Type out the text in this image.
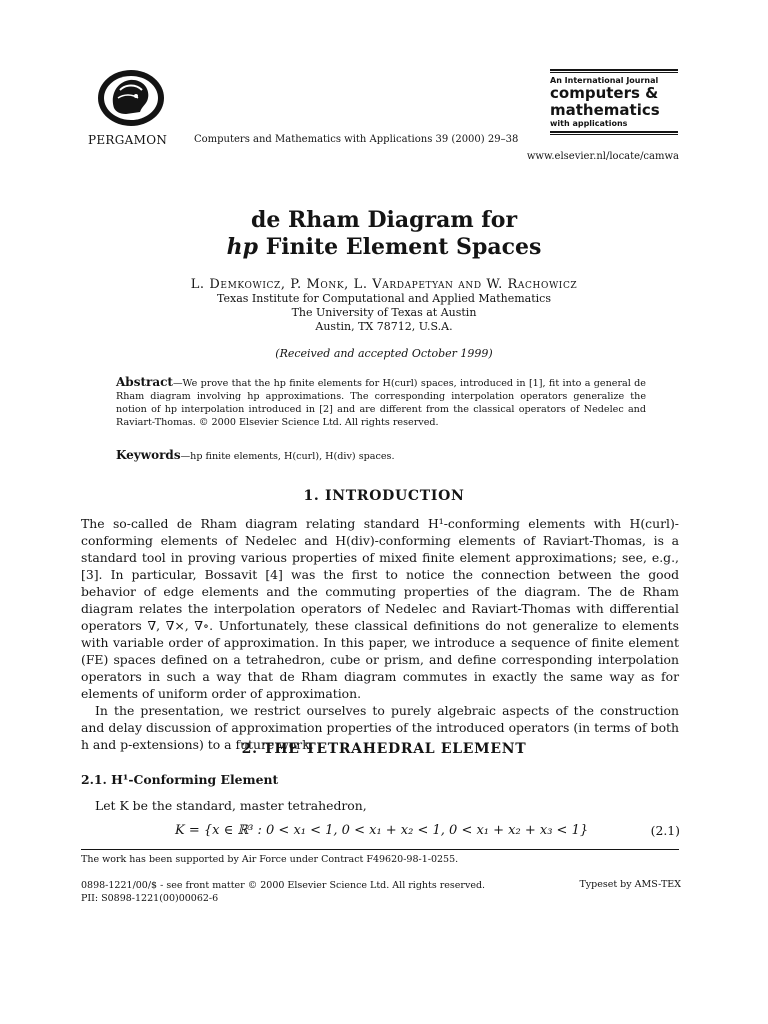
PERGAMON	Computers and Mathematics with Applications 39 (2000) 29–38
www.elsevier.nl/locate/camwa
An International Journal
computers &
mathematics
with applications
de Rham Diagram for
hp Finite Element Spaces
L. Demkowicz, P. Monk, L. Vardapetyan and W. Rachowicz
Texas Institute for Computational and Applied Mathematics
The University of Texas at Austin
Austin, TX 78712, U.S.A.
(Received and accepted October 1999)
Abstract—We prove that the hp finite elements for H(curl) spaces, introduced in [1], fit into a general de Rham diagram involving hp approximations. The corresponding interpolation operators generalize the notion of hp interpolation introduced in [2] and are different from the classical operators of Nedelec and Raviart-Thomas. © 2000 Elsevier Science Ltd. All rights reserved.
Keywords—hp finite elements, H(curl), H(div) spaces.
1. INTRODUCTION

The so-called de Rham diagram relating standard H¹-conforming elements with H(curl)-conforming elements of Nedelec and H(div)-conforming elements of Raviart-Thomas, is a standard tool in proving various properties of mixed finite element approximations; see, e.g., [3]. In particular, Bossavit [4] was the first to notice the connection between the good behavior of edge elements and the commuting properties of the diagram. The de Rham diagram relates the interpolation operators of Nedelec and Raviart-Thomas with differential operators ∇, ∇×, ∇∘. Unfortunately, these classical definitions do not generalize to elements with variable order of approximation. In this paper, we introduce a sequence of finite element (FE) spaces defined on a tetrahedron, cube or prism, and define corresponding interpolation operators in such a way that de Rham diagram commutes in exactly the same way as for elements of uniform order of approximation.

In the presentation, we restrict ourselves to purely algebraic aspects of the construction and delay discussion of approximation properties of the introduced operators (in terms of both h and p-extensions) to a future work.

2. THE TETRAHEDRAL ELEMENT
2.1. H¹-Conforming Element
Let K be the standard, master tetrahedron,
K = {x ∈ ℝ³ : 0 < x₁ < 1, 0 < x₁ + x₂ < 1, 0 < x₁ + x₂ + x₃ < 1}	(2.1)
The work has been supported by Air Force under Contract F49620-98-1-0255.
0898-1221/00/$ - see front matter © 2000 Elsevier Science Ltd. All rights reserved.
PII: S0898-1221(00)00062-6
Typeset by AMS-TEX
